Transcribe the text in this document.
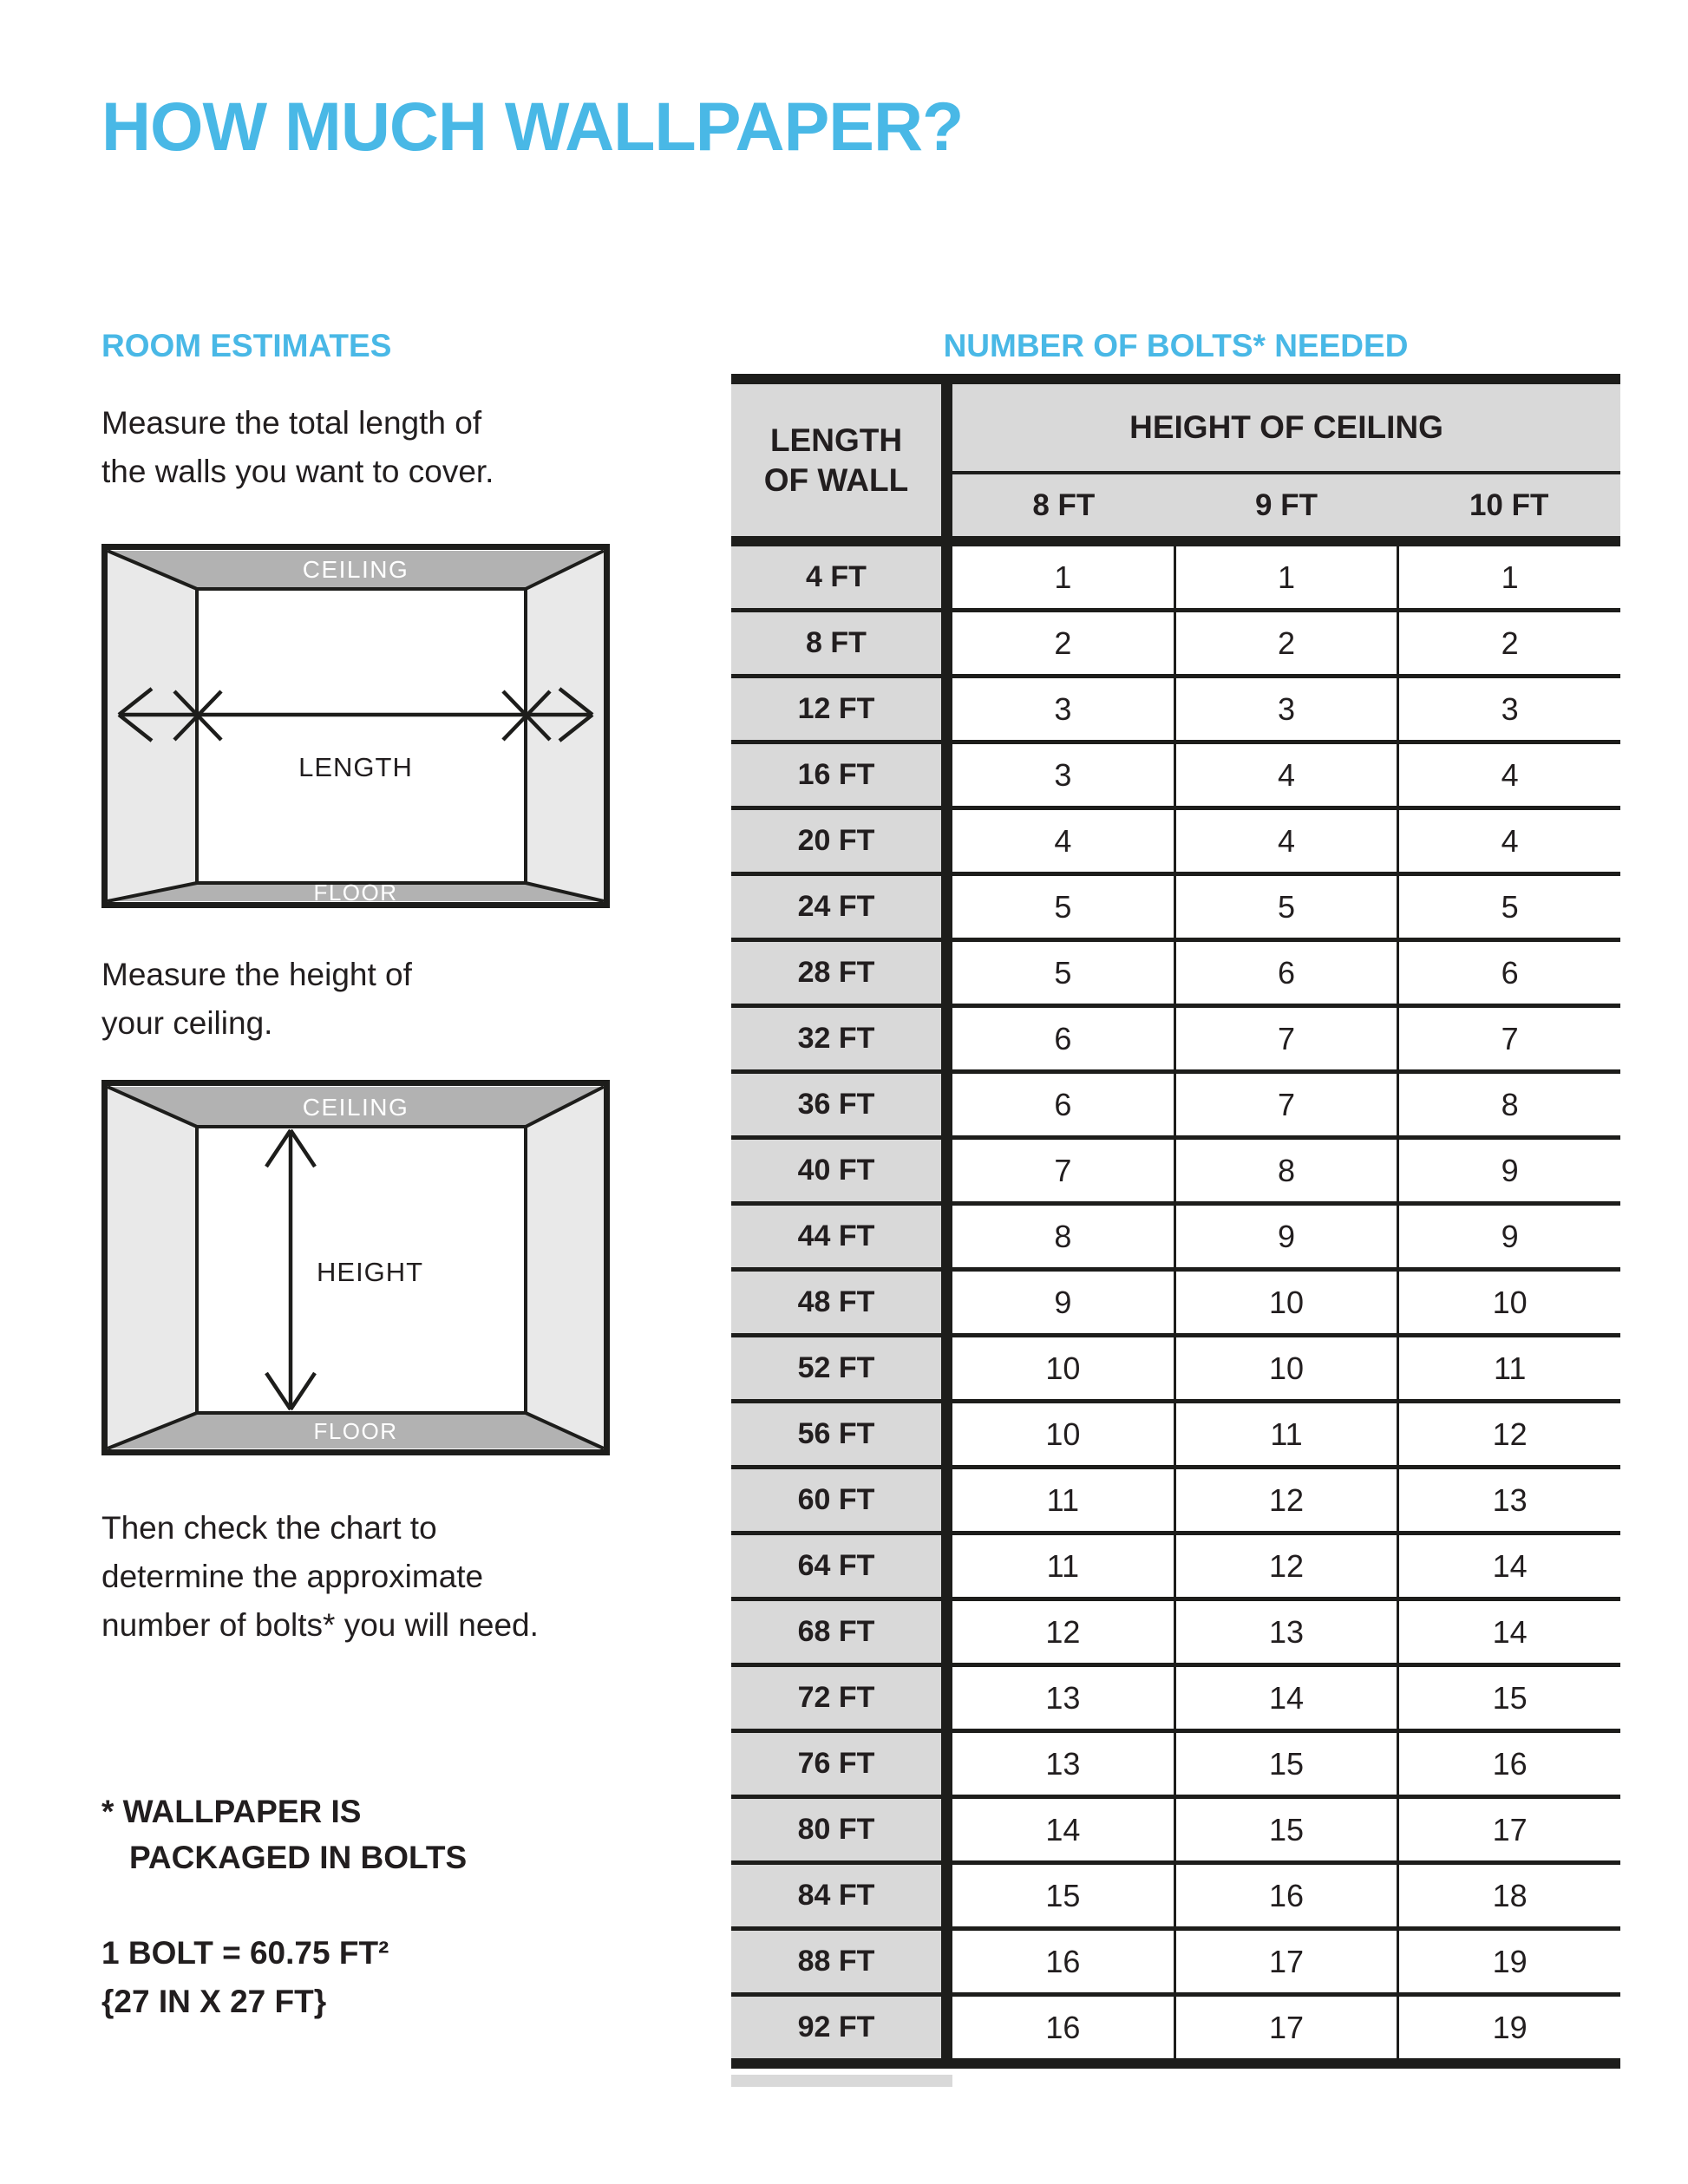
HOW MUCH WALLPAPER?
ROOM ESTIMATES
Measure the total length of
the walls you want to cover.
CEILING
LENGTH
FLOOR
Measure the height of
your ceiling.
CEILING
HEIGHT
FLOOR
Then check the chart to
determine the approximate
number of bolts* you will need.
* WALLPAPER IS
PACKAGED IN BOLTS
1 BOLT = 60.75 FT²
{27 IN X 27 FT}
NUMBER OF BOLTS* NEEDED
LENGTH
OF WALL
HEIGHT OF CEILING
8 FT	9 FT	10 FT
4 FT	1	1	1
8 FT	2	2	2
12 FT	3	3	3
16 FT	3	4	4
20 FT	4	4	4
24 FT	5	5	5
28 FT	5	6	6
32 FT	6	7	7
36 FT	6	7	8
40 FT	7	8	9
44 FT	8	9	9
48 FT	9	10	10
52 FT	10	10	11
56 FT	10	11	12
60 FT	11	12	13
64 FT	11	12	14
68 FT	12	13	14
72 FT	13	14	15
76 FT	13	15	16
80 FT	14	15	17
84 FT	15	16	18
88 FT	16	17	19
92 FT	16	17	19
